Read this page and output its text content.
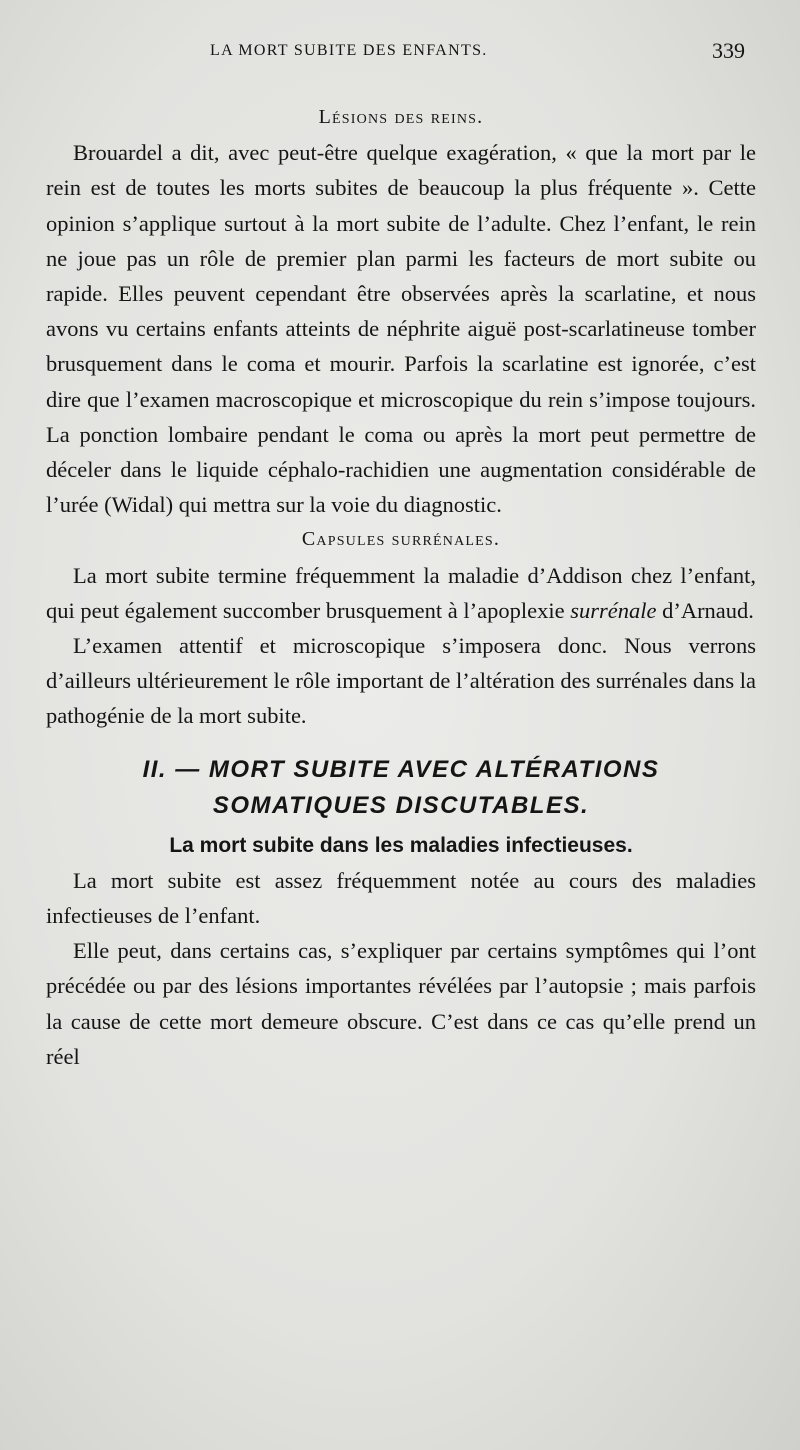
LA MORT SUBITE DES ENFANTS.	339

Lésions des reins.

Brouardel a dit, avec peut-être quelque exagération, « que la mort par le rein est de toutes les morts subites de beaucoup la plus fréquente ». Cette opinion s’applique surtout à la mort subite de l’adulte. Chez l’enfant, le rein ne joue pas un rôle de premier plan parmi les facteurs de mort subite ou rapide. Elles peuvent cependant être observées après la scarlatine, et nous avons vu certains enfants atteints de néphrite aiguë post-scarlatineuse tomber brusquement dans le coma et mourir. Parfois la scarlatine est ignorée, c’est dire que l’examen macroscopique et microscopique du rein s’impose toujours. La ponction lombaire pendant le coma ou après la mort peut permettre de déceler dans le liquide céphalo-rachidien une augmentation considérable de l’urée (Widal) qui mettra sur la voie du diagnostic.

Capsules surrénales.

La mort subite termine fréquemment la maladie d’Addison chez l’enfant, qui peut également succomber brusquement à l’apoplexie surrénale d’Arnaud.

L’examen attentif et microscopique s’imposera donc. Nous verrons d’ailleurs ultérieurement le rôle important de l’altération des surrénales dans la pathogénie de la mort subite.

II. — MORT SUBITE AVEC ALTÉRATIONS
SOMATIQUES DISCUTABLES.

La mort subite dans les maladies infectieuses.

La mort subite est assez fréquemment notée au cours des maladies infectieuses de l’enfant.

Elle peut, dans certains cas, s’expliquer par certains symptômes qui l’ont précédée ou par des lésions importantes révélées par l’autopsie ; mais parfois la cause de cette mort demeure obscure. C’est dans ce cas qu’elle prend un réel
